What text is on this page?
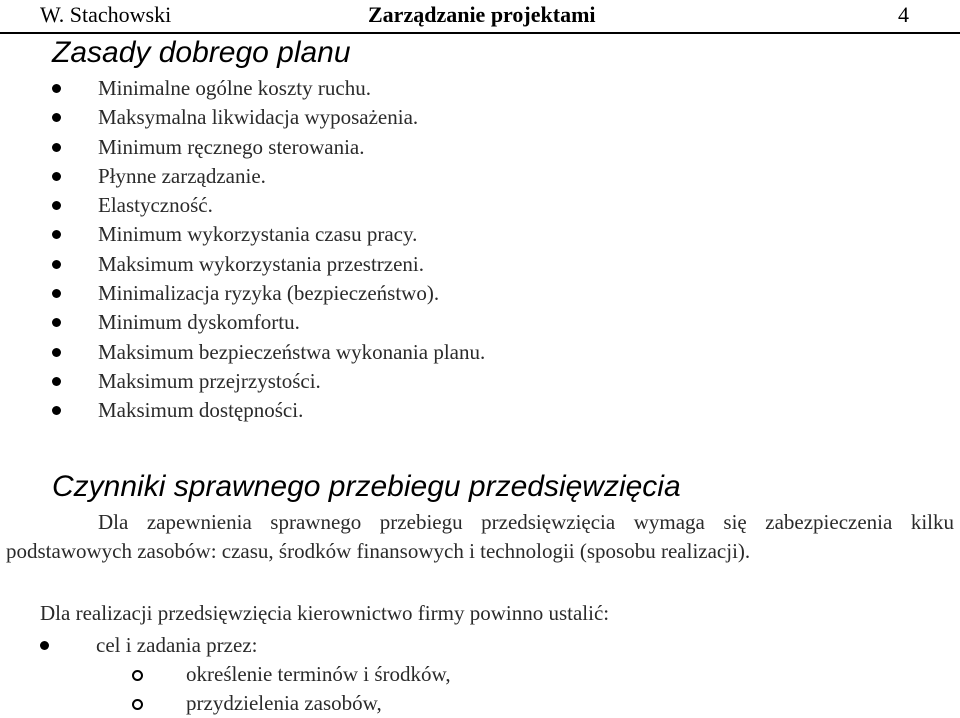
W. Stachowski	Zarządzanie projektami	4
Zasady dobrego planu
Minimalne ogólne koszty ruchu.
Maksymalna likwidacja wyposażenia.
Minimum ręcznego sterowania.
Płynne zarządzanie.
Elastyczność.
Minimum wykorzystania czasu pracy.
Maksimum wykorzystania przestrzeni.
Minimalizacja ryzyka (bezpieczeństwo).
Minimum dyskomfortu.
Maksimum bezpieczeństwa wykonania planu.
Maksimum przejrzystości.
Maksimum dostępności.
Czynniki sprawnego przebiegu przedsięwzięcia

Dla zapewnienia sprawnego przebiegu przedsięwzięcia wymaga się zabezpieczenia kilku podstawowych zasobów: czasu, środków finansowych i technologii (sposobu realizacji).

Dla realizacji przedsięwzięcia kierownictwo firmy powinno ustalić:

cel i zadania przez:
określenie terminów i środków,
przydzielenia zasobów,
